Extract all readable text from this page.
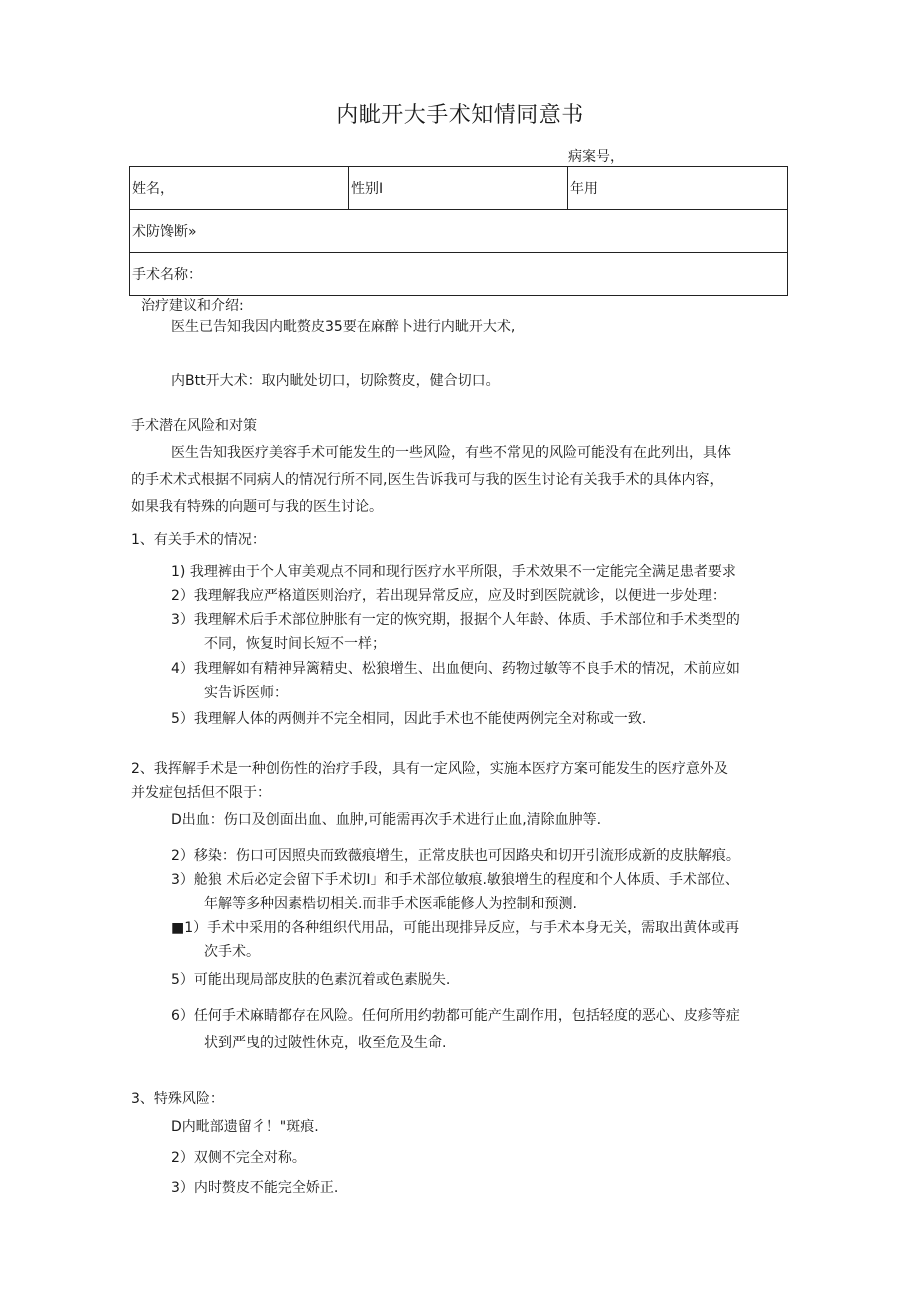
内眦开大手术知情同意书
病案号，
姓名，	性别I	年用
术防馋断»
手术名称：
治疗建议和介绍:
医生已告知我因内毗赘皮35要在麻醉卜进行内眦开大术,
内Btt开大术：取内眦处切口，切除赘皮，健合切口。
手术潜在风险和对策
医生告知我医疗美容手术可能发生的一些风险，有些不常见的风险可能没有在此列出，具体
的手术术式根据不同病人的情况行所不同,医生告诉我可与我的医生讨论有关我手术的具体内容，
如果我有特殊的向题可与我的医生讨论。
1、有关手术的情况：
1) 我理裤由于个人审美观点不同和现行医疗水平所限，手术效果不一定能完全满足患者要求
2）我理解我应严格道医则治疗，若出现异常反应，应及时到医院就诊，以便进一步处理：
3）我理解术后手术部位肿胀有一定的恢究期，报据个人年龄、体质、手术部位和手术类型的
不同，恢复时间长短不一样；
4）我理解如有精神异篱精史、松狼增生、出血便向、药物过敏等不良手术的情况，术前应如
实告诉医师：
5）我理解人体的两侧并不完全相同，因此手术也不能使两例完全对称或一致.
2、我挥解手术是一种创伤性的治疗手段，具有一定风险，实施本医疗方案可能发生的医疗意外及
并发症包括但不限于：
D出血：伤口及创面出血、血肿,可能需再次手术进行止血,清除血肿等.
2）移染：伤口可因照央而致薇痕增生，正常皮肤也可因路央和切开引流形成新的皮肤解痕。
3）舱狼 术后必定会留下手术切I」和手术部位敏痕.敏狼增生的程度和个人体质、手术部位、
年解等多种因素梏切相关.而非手术医乖能修人为控制和预测.
■1）手术中采用的各种组织代用品，可能出现排异反应，与手术本身无关，需取出黄体或再
次手术。
5）可能出现局部皮肤的色素沉着或色素脱失.
6）任何手术麻睛都存在风险。任何所用约勃都可能产生副作用，包括轻度的恶心、皮疹等症
状到严曳的过陂性休克，收至危及生命.
3、特殊风险：
D内毗部遗留彳！"斑痕.
2）双侧不完全对称。
3）内时赘皮不能完全娇正.
